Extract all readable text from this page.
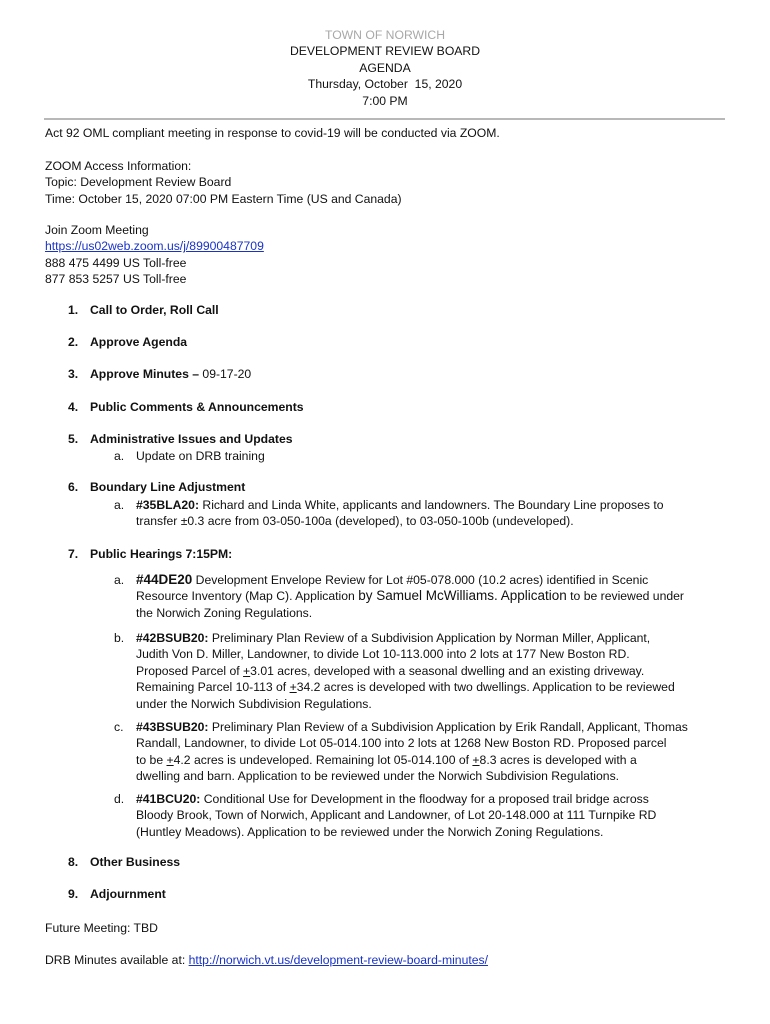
TOWN OF NORWICH
DEVELOPMENT REVIEW BOARD
AGENDA
Thursday, October  15, 2020
7:00 PM
Act 92 OML compliant meeting in response to covid-19 will be conducted via ZOOM.
ZOOM Access Information:
Topic: Development Review Board
Time: October 15, 2020 07:00 PM Eastern Time (US and Canada)
Join Zoom Meeting
https://us02web.zoom.us/j/89900487709
888 475 4499 US Toll-free
877 853 5257 US Toll-free
1. Call to Order, Roll Call
2. Approve Agenda
3. Approve Minutes – 09-17-20
4. Public Comments & Announcements
5. Administrative Issues and Updates
a. Update on DRB training
6. Boundary Line Adjustment
a. #35BLA20: Richard and Linda White, applicants and landowners. The Boundary Line proposes to
transfer ±0.3 acre from 03-050-100a (developed), to 03-050-100b (undeveloped).
7. Public Hearings 7:15PM:
a. #44DE20 Development Envelope Review for Lot #05-078.000 (10.2 acres) identified in Scenic
Resource Inventory (Map C). Application by Samuel McWilliams. Application to be reviewed under
the Norwich Zoning Regulations.
b. #42BSUB20: Preliminary Plan Review of a Subdivision Application by Norman Miller, Applicant,
Judith Von D. Miller, Landowner, to divide Lot 10-113.000 into 2 lots at 177 New Boston RD.
Proposed Parcel of +3.01 acres, developed with a seasonal dwelling and an existing driveway.
Remaining Parcel 10-113 of +34.2 acres is developed with two dwellings. Application to be reviewed
under the Norwich Subdivision Regulations.
c. #43BSUB20: Preliminary Plan Review of a Subdivision Application by Erik Randall, Applicant, Thomas
Randall, Landowner, to divide Lot 05-014.100 into 2 lots at 1268 New Boston RD. Proposed parcel
to be +4.2 acres is undeveloped. Remaining lot 05-014.100 of +8.3 acres is developed with a
dwelling and barn. Application to be reviewed under the Norwich Subdivision Regulations.
d. #41BCU20: Conditional Use for Development in the floodway for a proposed trail bridge across
Bloody Brook, Town of Norwich, Applicant and Landowner, of Lot 20-148.000 at 111 Turnpike RD
(Huntley Meadows). Application to be reviewed under the Norwich Zoning Regulations.
8. Other Business
9. Adjournment
Future Meeting: TBD
DRB Minutes available at: http://norwich.vt.us/development-review-board-minutes/
